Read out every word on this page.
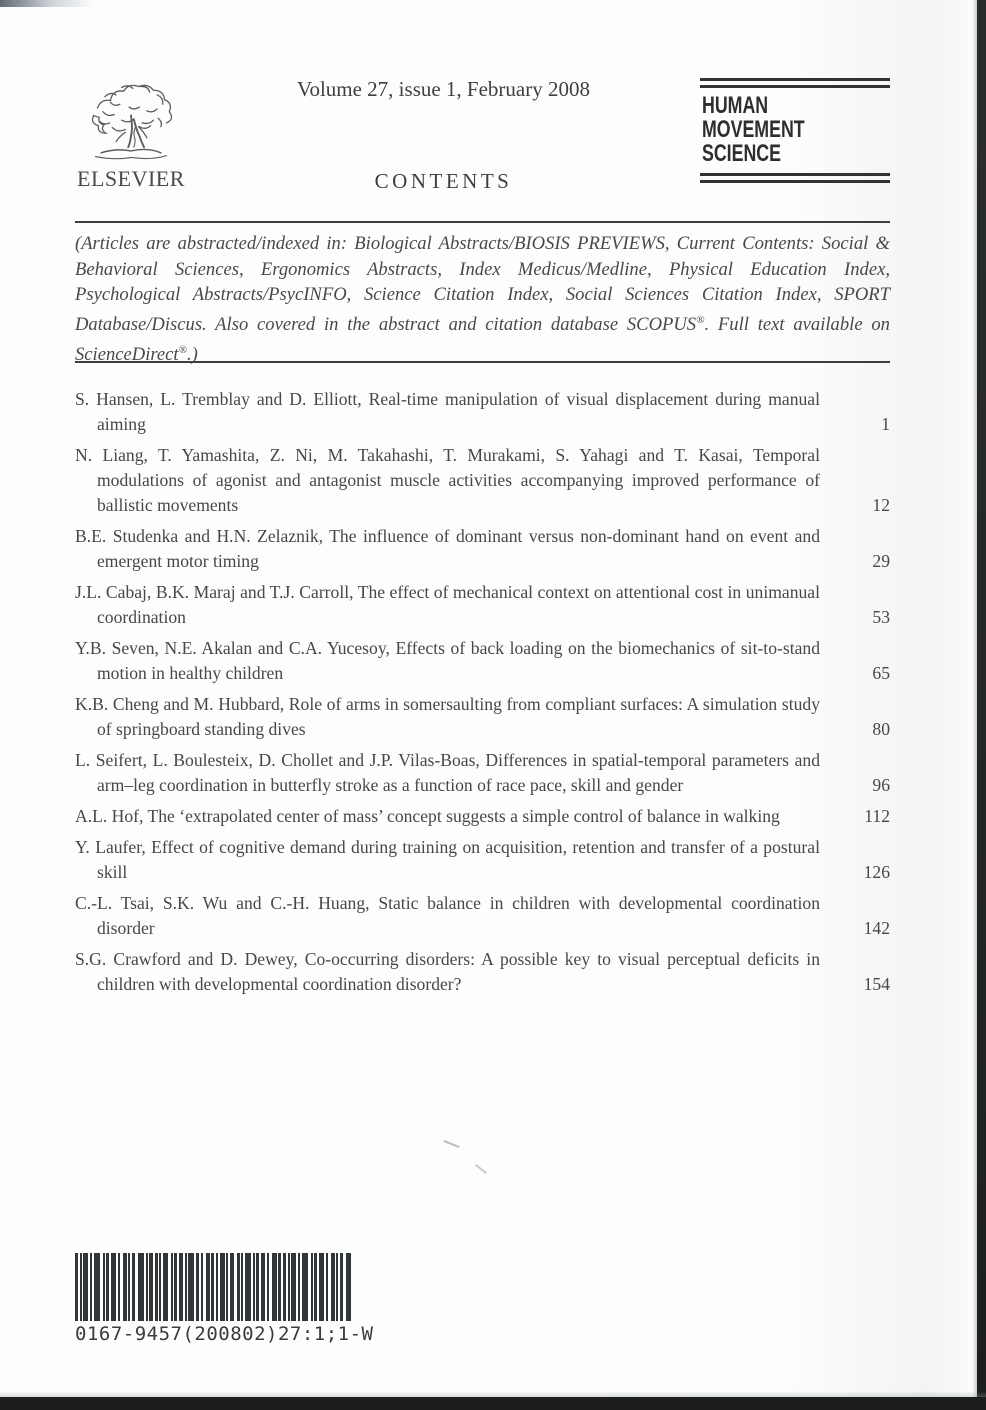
ELSEVIER
Volume 27, issue 1, February 2008
CONTENTS
HUMAN
MOVEMENT
SCIENCE
(Articles are abstracted/indexed in: Biological Abstracts/BIOSIS PREVIEWS, Current Contents: Social & Behavioral Sciences, Ergonomics Abstracts, Index Medicus/Medline, Physical Education Index, Psychological Abstracts/PsycINFO, Science Citation Index, Social Sciences Citation Index, SPORT Database/Discus. Also covered in the abstract and citation database SCOPUS®. Full text available on ScienceDirect®.)
S. Hansen, L. Tremblay and D. Elliott, Real-time manipulation of visual displacement during manual aiming	1
N. Liang, T. Yamashita, Z. Ni, M. Takahashi, T. Murakami, S. Yahagi and T. Kasai, Temporal modulations of agonist and antagonist muscle activities accompanying improved performance of ballistic movements	12
B.E. Studenka and H.N. Zelaznik, The influence of dominant versus non-dominant hand on event and emergent motor timing	29
J.L. Cabaj, B.K. Maraj and T.J. Carroll, The effect of mechanical context on attentional cost in unimanual coordination	53
Y.B. Seven, N.E. Akalan and C.A. Yucesoy, Effects of back loading on the biomechanics of sit-to-stand motion in healthy children	65
K.B. Cheng and M. Hubbard, Role of arms in somersaulting from compliant surfaces: A simulation study of springboard standing dives	80
L. Seifert, L. Boulesteix, D. Chollet and J.P. Vilas-Boas, Differences in spatial-temporal parameters and arm–leg coordination in butterfly stroke as a function of race pace, skill and gender	96
A.L. Hof, The ‘extrapolated center of mass’ concept suggests a simple control of balance in walking	112
Y. Laufer, Effect of cognitive demand during training on acquisition, retention and transfer of a postural skill	126
C.-L. Tsai, S.K. Wu and C.-H. Huang, Static balance in children with developmental coordination disorder	142
S.G. Crawford and D. Dewey, Co-occurring disorders: A possible key to visual perceptual deficits in children with developmental coordination disorder?	154
0167-9457(200802)27:1;1-W
